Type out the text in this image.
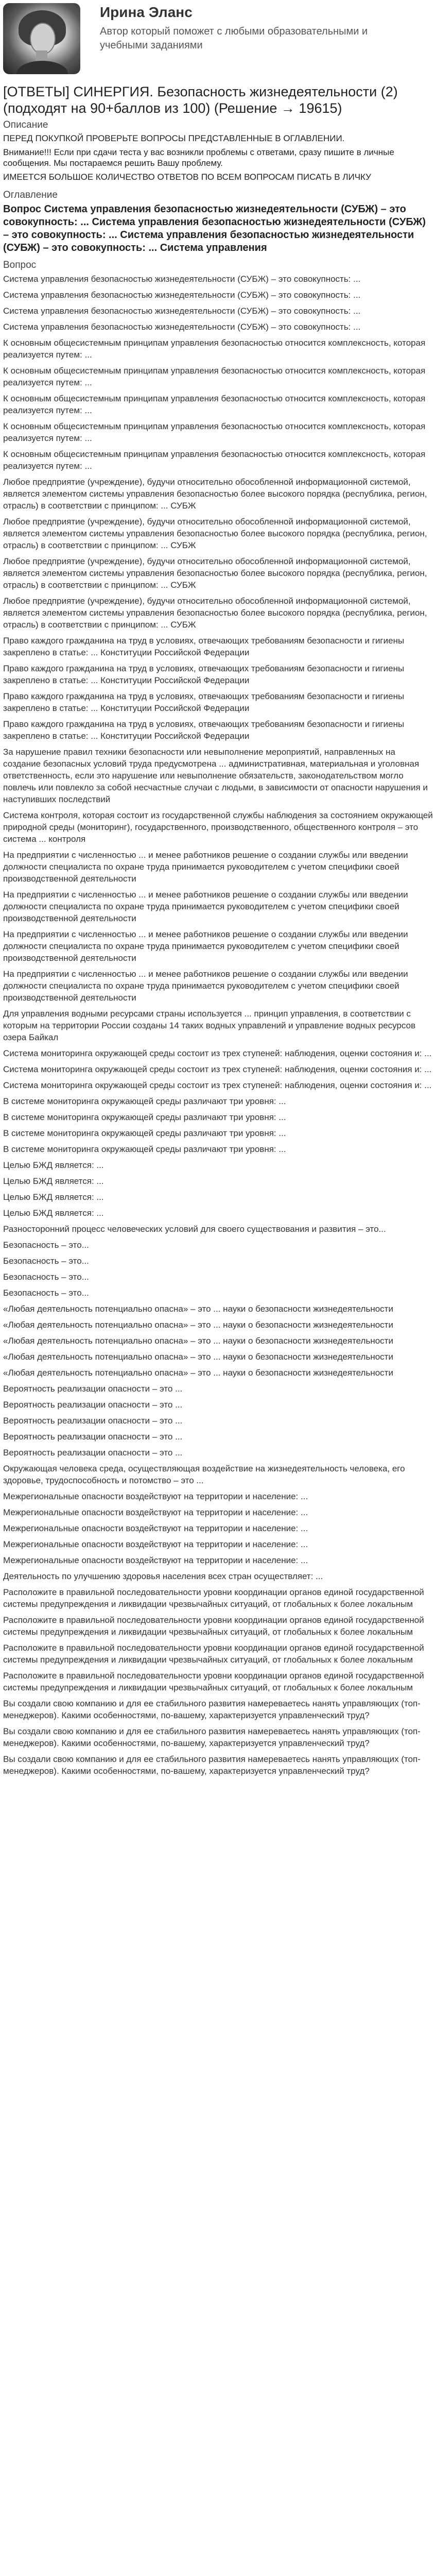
Ирина Эланс
Автор который поможет с любыми образовательными и учебными заданиями
[ОТВЕТЫ] СИНЕРГИЯ. Безопасность жизнедеятельности (2) (подходят на 90+баллов из 100) (Решение → 19615)
Описание

ПЕРЕД ПОКУПКОЙ ПРОВЕРЬТЕ ВОПРОСЫ ПРЕДСТАВЛЕННЫЕ В ОГЛАВЛЕНИИ.

Внимание!!! Если при сдачи теста у вас возникли проблемы с ответами, сразу пишите в личные сообщения. Мы постараемся решить Вашу проблему.

ИМЕЕТСЯ БОЛЬШОЕ КОЛИЧЕСТВО ОТВЕТОВ ПО ВСЕМ ВОПРОСАМ ПИСАТЬ В ЛИЧКУ

Оглавление
Вопрос Система управления безопасностью жизнедеятельности (СУБЖ) – это совокупность: ... Система управления безопасностью жизнедеятельности (СУБЖ) – это совокупность: ... Система управления безопасностью жизнедеятельности (СУБЖ) – это совокупность: ... Система управления
Вопрос
Система управления безопасностью жизнедеятельности (СУБЖ) – это совокупность: ...
Система управления безопасностью жизнедеятельности (СУБЖ) – это совокупность: ...
Система управления безопасностью жизнедеятельности (СУБЖ) – это совокупность: ...
Система управления безопасностью жизнедеятельности (СУБЖ) – это совокупность: ...
К основным общесистемным принципам управления безопасностью относится комплексность, которая реализуется путем: ...
К основным общесистемным принципам управления безопасностью относится комплексность, которая реализуется путем: ...
К основным общесистемным принципам управления безопасностью относится комплексность, которая реализуется путем: ...
К основным общесистемным принципам управления безопасностью относится комплексность, которая реализуется путем: ...
К основным общесистемным принципам управления безопасностью относится комплексность, которая реализуется путем: ...
Любое предприятие (учреждение), будучи относительно обособленной информационной системой, является элементом системы управления безопасностью более высокого порядка (республика, регион, отрасль) в соответствии с принципом: ... СУБЖ
Любое предприятие (учреждение), будучи относительно обособленной информационной системой, является элементом системы управления безопасностью более высокого порядка (республика, регион, отрасль) в соответствии с принципом: ... СУБЖ
Любое предприятие (учреждение), будучи относительно обособленной информационной системой, является элементом системы управления безопасностью более высокого порядка (республика, регион, отрасль) в соответствии с принципом: ... СУБЖ
Любое предприятие (учреждение), будучи относительно обособленной информационной системой, является элементом системы управления безопасностью более высокого порядка (республика, регион, отрасль) в соответствии с принципом: ... СУБЖ
Право каждого гражданина на труд в условиях, отвечающих требованиям безопасности и гигиены закреплено в статье: ... Конституции Российской Федерации
Право каждого гражданина на труд в условиях, отвечающих требованиям безопасности и гигиены закреплено в статье: ... Конституции Российской Федерации
Право каждого гражданина на труд в условиях, отвечающих требованиям безопасности и гигиены закреплено в статье: ... Конституции Российской Федерации
Право каждого гражданина на труд в условиях, отвечающих требованиям безопасности и гигиены закреплено в статье: ... Конституции Российской Федерации
За нарушение правил техники безопасности или невыполнение мероприятий, направленных на создание безопасных условий труда предусмотрена ... административная, материальная и уголовная ответственность, если это нарушение или невыполнение обязательств, законодательством могло повлечь или повлекло за собой несчастные случаи с людьми, в зависимости от опасности нарушения и наступивших последствий
Система контроля, которая состоит из государственной службы наблюдения за состоянием окружающей природной среды (мониторинг), государственного, производственного, общественного контроля – это система ... контроля
На предприятии с численностью ... и менее работников решение о создании службы или введении должности специалиста по охране труда принимается руководителем с учетом специфики своей производственной деятельности
На предприятии с численностью ... и менее работников решение о создании службы или введении должности специалиста по охране труда принимается руководителем с учетом специфики своей производственной деятельности
На предприятии с численностью ... и менее работников решение о создании службы или введении должности специалиста по охране труда принимается руководителем с учетом специфики своей производственной деятельности
На предприятии с численностью ... и менее работников решение о создании службы или введении должности специалиста по охране труда принимается руководителем с учетом специфики своей производственной деятельности
Для управления водными ресурсами страны используется ... принцип управления, в соответствии с которым на территории России созданы 14 таких водных управлений и управление водных ресурсов озера Байкал
Система мониторинга окружающей среды состоит из трех ступеней: наблюдения, оценки состояния и: ...
Система мониторинга окружающей среды состоит из трех ступеней: наблюдения, оценки состояния и: ...
Система мониторинга окружающей среды состоит из трех ступеней: наблюдения, оценки состояния и: ...
В системе мониторинга окружающей среды различают три уровня: ...
В системе мониторинга окружающей среды различают три уровня: ...
В системе мониторинга окружающей среды различают три уровня: ...
В системе мониторинга окружающей среды различают три уровня: ...
Целью БЖД является: ...
Целью БЖД является: ...
Целью БЖД является: ...
Целью БЖД является: ...
Разносторонний процесс человеческих условий для своего существования и развития – это...
Безопасность – это...
Безопасность – это...
Безопасность – это...
Безопасность – это...
«Любая деятельность потенциально опасна» – это ... науки о безопасности жизнедеятельности
«Любая деятельность потенциально опасна» – это ... науки о безопасности жизнедеятельности
«Любая деятельность потенциально опасна» – это ... науки о безопасности жизнедеятельности
«Любая деятельность потенциально опасна» – это ... науки о безопасности жизнедеятельности
«Любая деятельность потенциально опасна» – это ... науки о безопасности жизнедеятельности
Вероятность реализации опасности – это ...
Вероятность реализации опасности – это ...
Вероятность реализации опасности – это ...
Вероятность реализации опасности – это ...
Вероятность реализации опасности – это ...
Окружающая человека среда, осуществляющая воздействие на жизнедеятельность человека, его здоровье, трудоспособность и потомство – это ...
Межрегиональные опасности воздействуют на территории и население: ...
Межрегиональные опасности воздействуют на территории и население: ...
Межрегиональные опасности воздействуют на территории и население: ...
Межрегиональные опасности воздействуют на территории и население: ...
Межрегиональные опасности воздействуют на территории и население: ...
Деятельность по улучшению здоровья населения всех стран осуществляет: ...
Расположите в правильной последовательности уровни координации органов единой государственной системы предупреждения и ликвидации чрезвычайных ситуаций, от глобальных к более локальным
Расположите в правильной последовательности уровни координации органов единой государственной системы предупреждения и ликвидации чрезвычайных ситуаций, от глобальных к более локальным
Расположите в правильной последовательности уровни координации органов единой государственной системы предупреждения и ликвидации чрезвычайных ситуаций, от глобальных к более локальным
Расположите в правильной последовательности уровни координации органов единой государственной системы предупреждения и ликвидации чрезвычайных ситуаций, от глобальных к более локальным
Вы создали свою компанию и для ее стабильного развития намереваетесь нанять управляющих (топ-менеджеров). Какими особенностями, по-вашему, характеризуется управленческий труд?
Вы создали свою компанию и для ее стабильного развития намереваетесь нанять управляющих (топ-менеджеров). Какими особенностями, по-вашему, характеризуется управленческий труд?
Вы создали свою компанию и для ее стабильного развития намереваетесь нанять управляющих (топ-менеджеров). Какими особенностями, по-вашему, характеризуется управленческий труд?
